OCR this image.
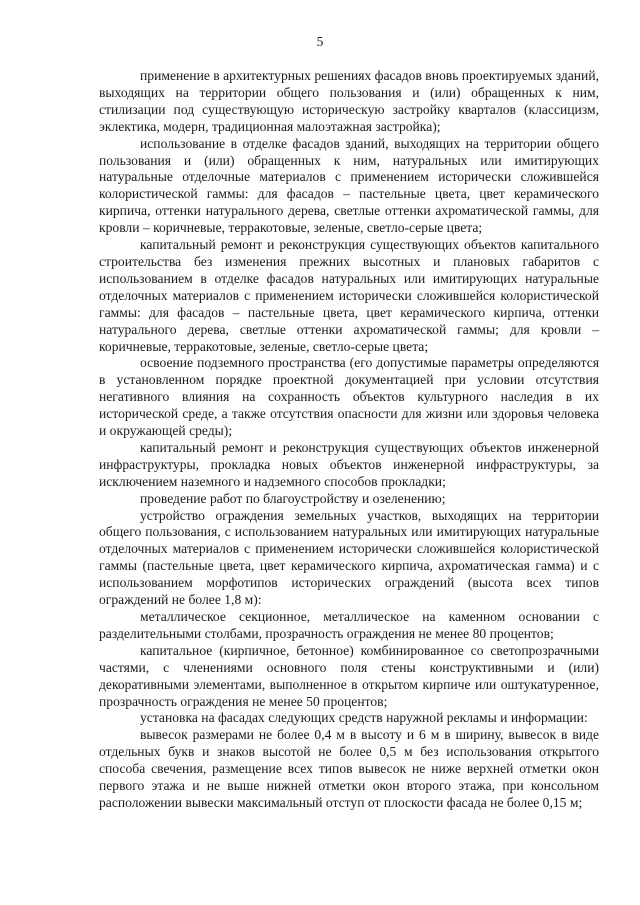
5

применение в архитектурных решениях фасадов вновь проектируемых зданий, выходящих на территории общего пользования и (или) обращенных к ним, стилизации под существующую историческую застройку кварталов (классицизм, эклектика, модерн, традиционная малоэтажная застройка);

использование в отделке фасадов зданий, выходящих на территории общего пользования и (или) обращенных к ним, натуральных или имитирующих натуральные отделочные материалов с применением исторически сложившейся колористической гаммы: для фасадов – пастельные цвета, цвет керамического кирпича, оттенки натурального дерева, светлые оттенки ахроматической гаммы, для кровли – коричневые, терракотовые, зеленые, светло-серые цвета;

капитальный ремонт и реконструкция существующих объектов капитального строительства без изменения прежних высотных и плановых габаритов с использованием в отделке фасадов натуральных или имитирующих натуральные отделочных материалов с применением исторически сложившейся колористической гаммы: для фасадов – пастельные цвета, цвет керамического кирпича, оттенки натурального дерева, светлые оттенки ахроматической гаммы; для кровли – коричневые, терракотовые, зеленые, светло-серые цвета;

освоение подземного пространства (его допустимые параметры определяются в установленном порядке проектной документацией при условии отсутствия негативного влияния на сохранность объектов культурного наследия в их исторической среде, а также отсутствия опасности для жизни или здоровья человека и окружающей среды);

капитальный ремонт и реконструкция существующих объектов инженерной инфраструктуры, прокладка новых объектов инженерной инфраструктуры, за исключением наземного и надземного способов прокладки;

проведение работ по благоустройству и озеленению;

устройство ограждения земельных участков, выходящих на территории общего пользования, с использованием натуральных или имитирующих натуральные отделочных материалов с применением исторически сложившейся колористической гаммы (пастельные цвета, цвет керамического кирпича, ахроматическая гамма) и с использованием морфотипов исторических ограждений (высота всех типов ограждений не более 1,8 м):

металлическое секционное, металлическое на каменном основании с разделительными столбами, прозрачность ограждения не менее 80 процентов;

капитальное (кирпичное, бетонное) комбинированное со светопрозрачными частями, с членениями основного поля стены конструктивными и (или) декоративными элементами, выполненное в открытом кирпиче или оштукатуренное, прозрачность ограждения не менее 50 процентов;

установка на фасадах следующих средств наружной рекламы и информации:

вывесок размерами не более 0,4 м в высоту и 6 м в ширину, вывесок в виде отдельных букв и знаков высотой не более 0,5 м без использования открытого способа свечения, размещение всех типов вывесок не ниже верхней отметки окон первого этажа и не выше нижней отметки окон второго этажа, при консольном расположении вывески максимальный отступ от плоскости фасада не более 0,15 м;
